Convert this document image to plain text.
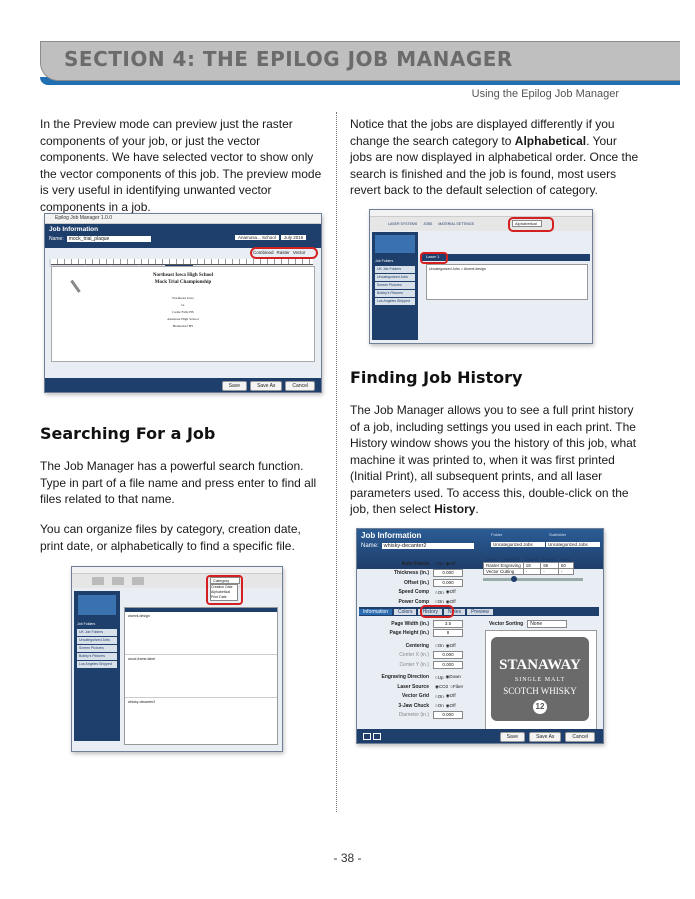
SECTION 4: THE EPILOG JOB MANAGER
Using the Epilog Job Manager

In the Preview mode can preview just the raster components of your job, or just the vector components. We have selected vector to show only the vector components of this job. The preview mode is very useful in identifying unwanted vector components in a job.

Epilog Job Manager 1.0.0
Job Information
Name:	mock_trial_plaque	Anamosa... School	July 2016
Combined Raster Vector
Northeast Iowa High School
Mock Trial Championship
Northeast Iowa
vs.
Cedar Falls HS
Anamosa High School
Bettendorf HS
Save	Save As	Cancel
Searching For a Job

The Job Manager has a powerful search function. Type in part of a file name and press enter to find all files related to that name.

You can organize files by category, creation date, print date, or alphabetically to find a specific file.

Category
Creation Date
Alphabetical
Print Date
Job Folders
UK Job Folders
Uncategorized Jobs
Screen Pictures
Bobby's Pictures
Los Angeles Shipped
alumni-design
wood-frame-label
whisky-decanter2

Notice that the jobs are displayed differently if you change the search category to Alphabetical. Your jobs are now displayed in alphabetical order. Once the search is finished and the job is found, most users revert back to the default selection of category.

LASER SYSTEMS JOBS MATERIAL SETTINGS	Alphabetical
Job Folders
UK Job Folders
Uncategorized Jobs
Screen Pictures
Bobby's Pictures
Los Angeles Shipped
Laser 1
Uncategorized Jobs > Alumni design
Finding Job History

The Job Manager allows you to see a full print history of a job, including settings you used in each print. The History window shows you the history of this job, what machine it was printed to, when it was first printed (Initial Print), all subsequent prints, and all laser parameters used. To access this, double-click on the job, then select History.

Job Information
Name: whisky-decanter2
Folder	Subfolder
Uncategorized Jobs	Uncategorized Jobs
Auto Focus	○On ◉Off
Thickness (in.)	0.000
Offset (in.)	0.000
Speed Comp	○On ◉Off
Power Comp	○On ◉Off
Basic	600 DPI	Speed	Power	Freq.
Raster Engraving		18	95	50
Vector Cutting		-	-	-
Information	Colors	History	Notes	Preview
Page Width (in.)	3.5
Page Height (in.)	8
Centering	○On ◉Off
Center X (in.)	0.000
Center Y (in.)	0.000
Engraving Direction	○Up ◉Down
Laser Source	◉CO2 ○Fiber
Vector Grid	○On ◉Off
3-Jaw Chuck	○On ◉Off
Diameter (in.)	0.000
Vector Sorting	None
STANAWAY
SINGLE MALT
SCOTCH WHISKY
12
Save	Save As	Cancel
- 38 -
